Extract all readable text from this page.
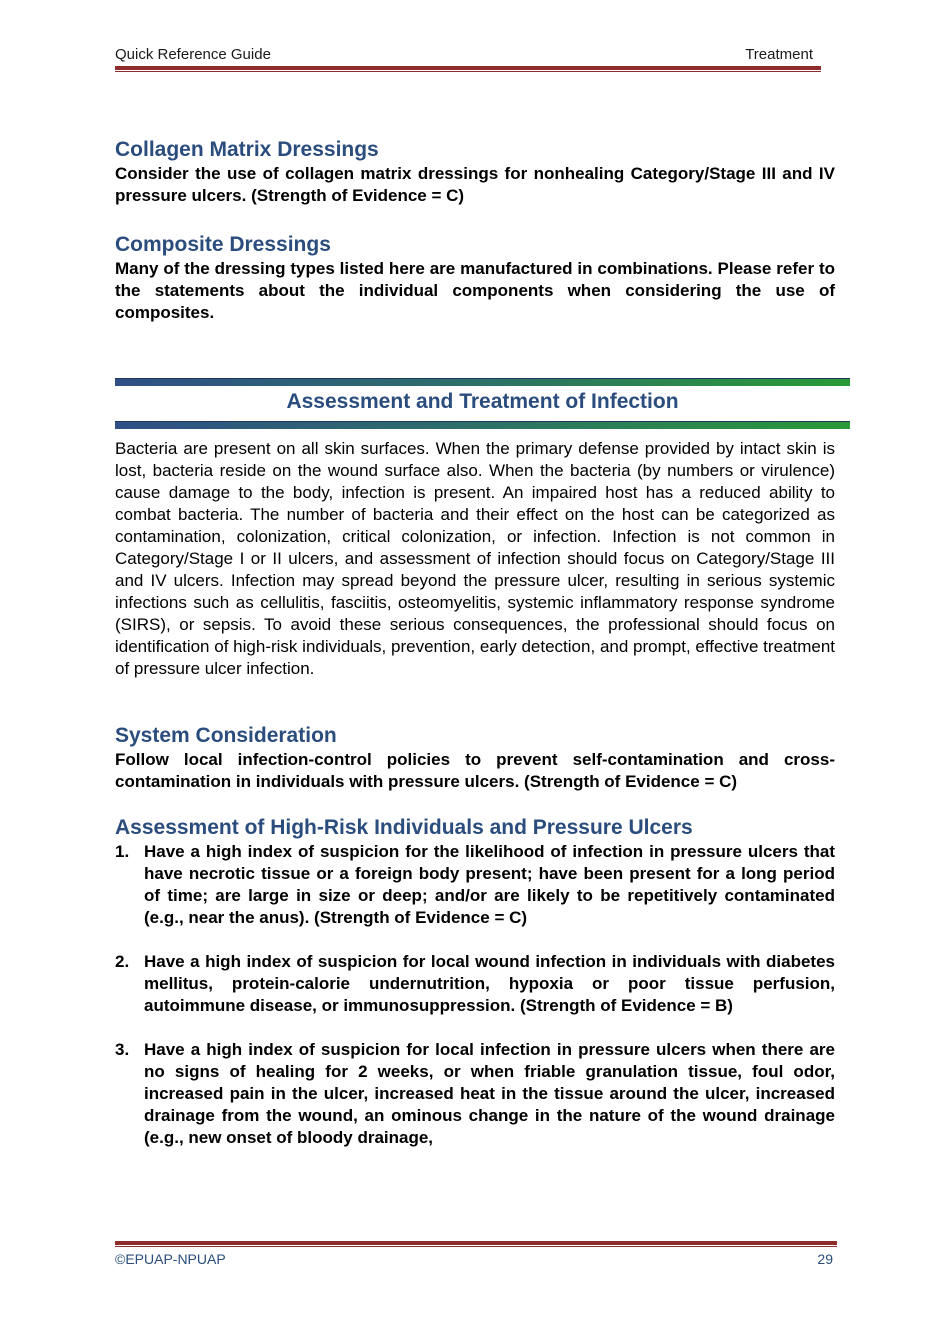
Quick Reference Guide	Treatment
Collagen Matrix Dressings

Consider the use of collagen matrix dressings for nonhealing Category/Stage III and IV pressure ulcers. (Strength of Evidence = C)

Composite Dressings

Many of the dressing types listed here are manufactured in combinations. Please refer to the statements about the individual components when considering the use of composites.

Assessment and Treatment of Infection

Bacteria are present on all skin surfaces. When the primary defense provided by intact skin is lost, bacteria reside on the wound surface also. When the bacteria (by numbers or virulence) cause damage to the body, infection is present. An impaired host has a reduced ability to combat bacteria. The number of bacteria and their effect on the host can be categorized as contamination, colonization, critical colonization, or infection. Infection is not common in Category/Stage I or II ulcers, and assessment of infection should focus on Category/Stage III and IV ulcers. Infection may spread beyond the pressure ulcer, resulting in serious systemic infections such as cellulitis, fasciitis, osteomyelitis, systemic inflammatory response syndrome (SIRS), or sepsis. To avoid these serious consequences, the professional should focus on identification of high-risk individuals, prevention, early detection, and prompt, effective treatment of pressure ulcer infection.

System Consideration

Follow local infection-control policies to prevent self-contamination and cross-contamination in individuals with pressure ulcers. (Strength of Evidence = C)

Assessment of High-Risk Individuals and Pressure Ulcers
1. Have a high index of suspicion for the likelihood of infection in pressure ulcers that have necrotic tissue or a foreign body present; have been present for a long period of time; are large in size or deep; and/or are likely to be repetitively contaminated (e.g., near the anus). (Strength of Evidence = C)
2. Have a high index of suspicion for local wound infection in individuals with diabetes mellitus, protein-calorie undernutrition, hypoxia or poor tissue perfusion, autoimmune disease, or immunosuppression. (Strength of Evidence = B)
3. Have a high index of suspicion for local infection in pressure ulcers when there are no signs of healing for 2 weeks, or when friable granulation tissue, foul odor, increased pain in the ulcer, increased heat in the tissue around the ulcer, increased drainage from the wound, an ominous change in the nature of the wound drainage (e.g., new onset of bloody drainage,
©EPUAP-NPUAP	29
